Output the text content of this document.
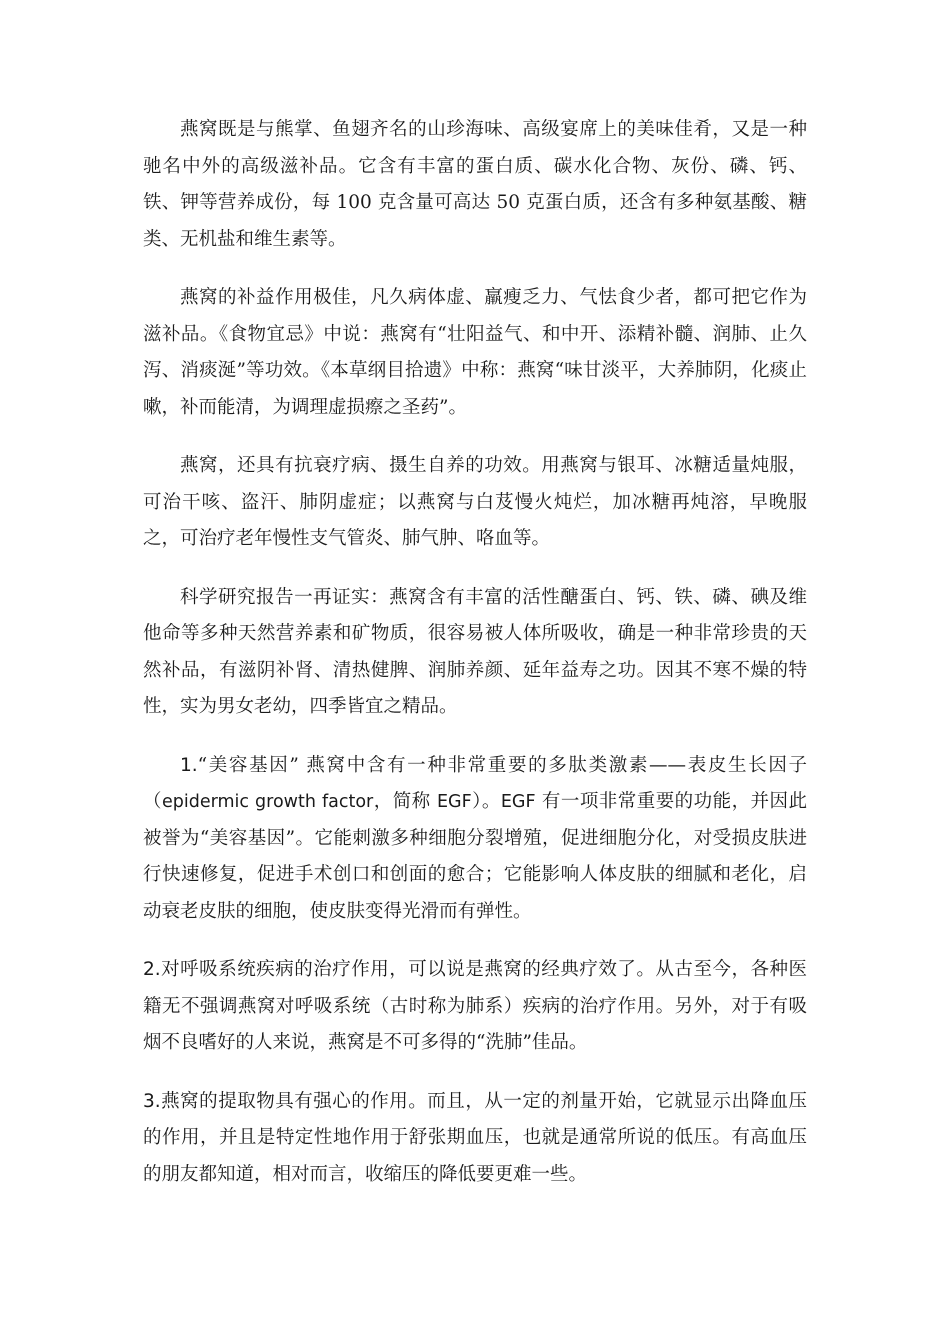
燕窝既是与熊掌、鱼翅齐名的山珍海味、高级宴席上的美味佳肴，又是一种驰名中外的高级滋补品。它含有丰富的蛋白质、碳水化合物、灰份、磷、钙、铁、钾等营养成份，每 100 克含量可高达 50 克蛋白质，还含有多种氨基酸、糖类、无机盐和维生素等。

燕窝的补益作用极佳，凡久病体虚、羸瘦乏力、气怯食少者，都可把它作为滋补品。《食物宜忌》中说：燕窝有“壮阳益气、和中开、添精补髓、润肺、止久泻、消痰涎”等功效。《本草纲目拾遗》中称：燕窝“味甘淡平，大养肺阴，化痰止嗽，补而能清，为调理虚损瘵之圣药”。

燕窝，还具有抗衰疗病、摄生自养的功效。用燕窝与银耳、冰糖适量炖服，可治干咳、盗汗、肺阴虚症；以燕窝与白芨慢火炖烂，加冰糖再炖溶，早晚服之，可治疗老年慢性支气管炎、肺气肿、咯血等。

科学研究报告一再证实：燕窝含有丰富的活性醣蛋白、钙、铁、磷、碘及维他命等多种天然营养素和矿物质，很容易被人体所吸收，确是一种非常珍贵的天然补品，有滋阴补肾、清热健脾、润肺养颜、延年益寿之功。因其不寒不燥的特性，实为男女老幼，四季皆宜之精品。

1.“美容基因” 燕窝中含有一种非常重要的多肽类激素——表皮生长因子（epidermic growth factor，简称 EGF）。EGF 有一项非常重要的功能，并因此被誉为“美容基因”。它能刺激多种细胞分裂增殖，促进细胞分化，对受损皮肤进行快速修复，促进手术创口和创面的愈合；它能影响人体皮肤的细腻和老化，启动衰老皮肤的细胞，使皮肤变得光滑而有弹性。

2.对呼吸系统疾病的治疗作用，可以说是燕窝的经典疗效了。从古至今，各种医籍无不强调燕窝对呼吸系统（古时称为肺系）疾病的治疗作用。另外，对于有吸烟不良嗜好的人来说，燕窝是不可多得的“洗肺”佳品。

3.燕窝的提取物具有强心的作用。而且，从一定的剂量开始，它就显示出降血压的作用，并且是特定性地作用于舒张期血压，也就是通常所说的低压。有高血压的朋友都知道，相对而言，收缩压的降低要更难一些。
